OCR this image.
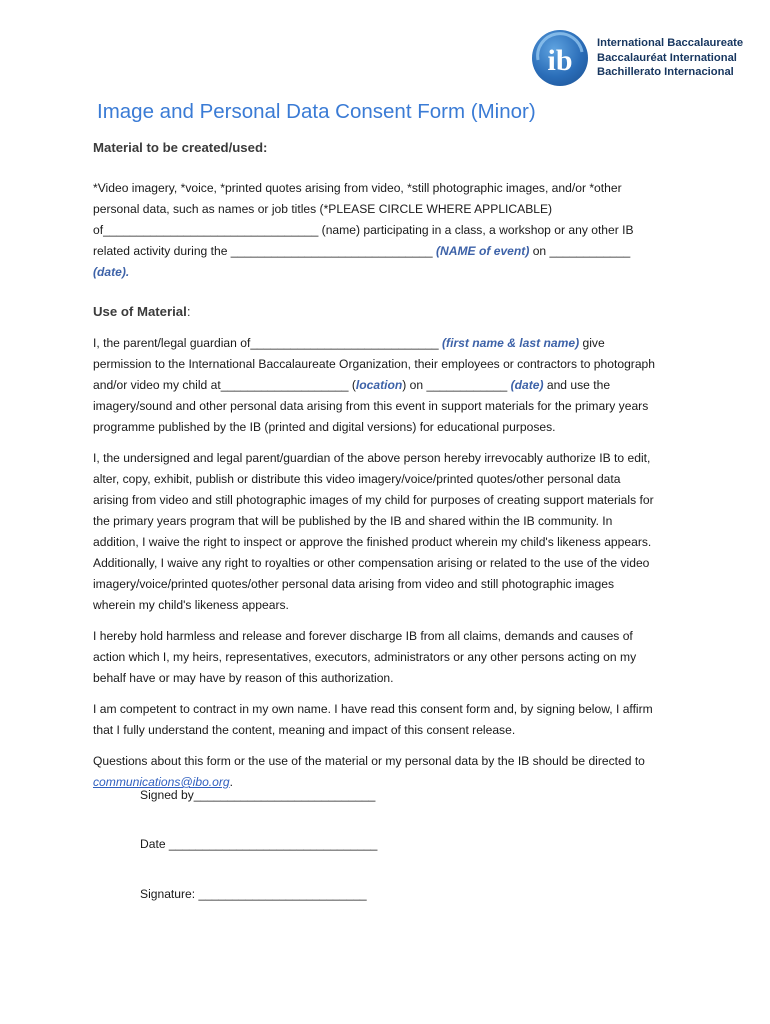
ib
International Baccalaureate
Baccalauréat International
Bachillerato Internacional
Image and Personal Data Consent Form (Minor)
Material to be created/used:

*Video imagery, *voice, *printed quotes arising from video, *still photographic images, and/or *other
personal data, such as names or job titles (*PLEASE CIRCLE WHERE APPLICABLE)
of________________________________ (name) participating in a class, a workshop or any other IB
related activity during the ______________________________ (NAME of event) on ____________
(date).

Use of Material:

I, the parent/legal guardian of____________________________ (first name & last name) give
permission to the International Baccalaureate Organization, their employees or contractors to photograph
and/or video my child at___________________ (location) on ____________ (date) and use the
imagery/sound and other personal data arising from this event in support materials for the primary years
programme published by the IB (printed and digital versions) for educational purposes.

I, the undersigned and legal parent/guardian of the above person hereby irrevocably authorize IB to edit,
alter, copy, exhibit, publish or distribute this video imagery/voice/printed quotes/other personal data
arising from video and still photographic images of my child for purposes of creating support materials for
the primary years program that will be published by the IB and shared within the IB community. In
addition, I waive the right to inspect or approve the finished product wherein my child's likeness appears.
Additionally, I waive any right to royalties or other compensation arising or related to the use of the video
imagery/voice/printed quotes/other personal data arising from video and still photographic images
wherein my child's likeness appears.

I hereby hold harmless and release and forever discharge IB from all claims, demands and causes of
action which I, my heirs, representatives, executors, administrators or any other persons acting on my
behalf have or may have by reason of this authorization.

I am competent to contract in my own name. I have read this consent form and, by signing below, I affirm
that I fully understand the content, meaning and impact of this consent release.

Questions about this form or the use of the material or my personal data by the IB should be directed to
communications@ibo.org.

Signed by___________________________
Date _______________________________
Signature: _________________________
